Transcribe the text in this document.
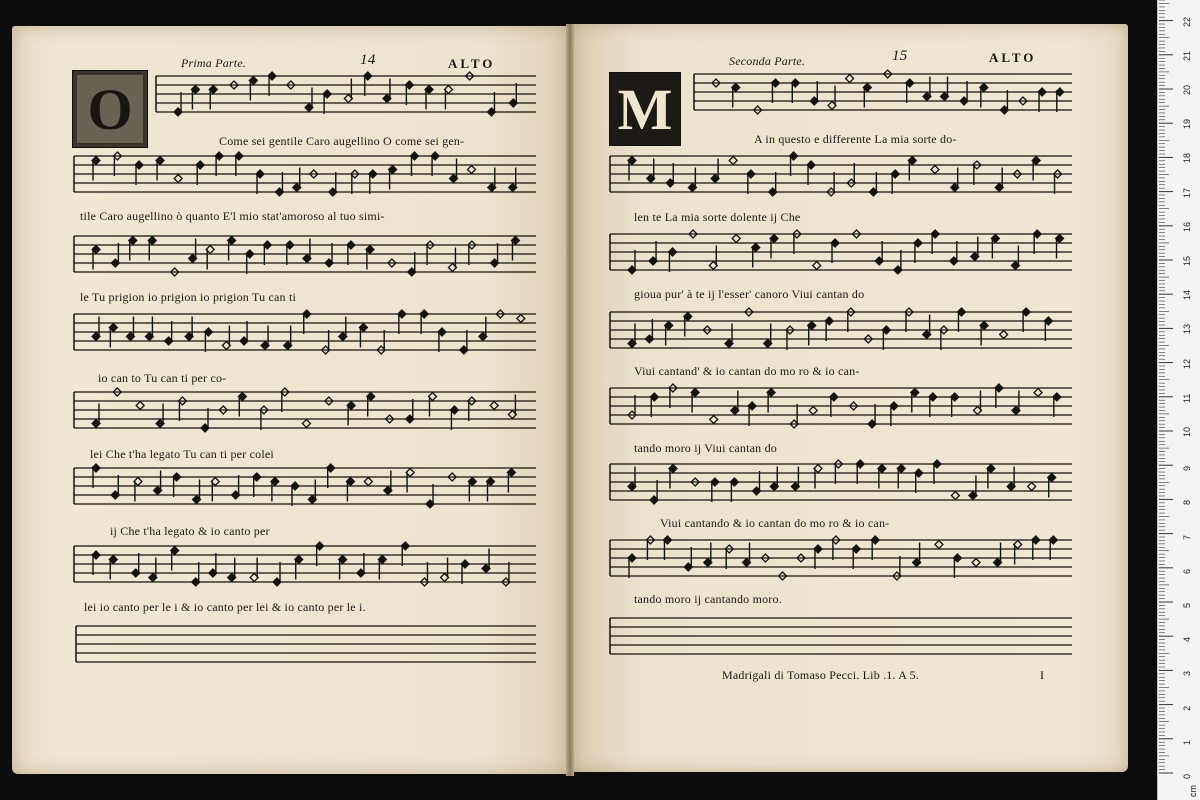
O	M
Prima Parte.	14	ALTO	Seconda Parte.	15	ALTO
Come sei gentile Caro augellino O come sei gen-
tile Caro augellino ò quanto E'l mio stat'amoroso al tuo simi-
le Tu prigion io prigion io prigion Tu can ti
io can to Tu can ti per co-
lei Che t'ha legato Tu can ti per colei
ij Che t'ha legato & io canto per
lei io canto per le i & io canto per lei & io canto per le i.
A in questo e differente La mia sorte do-
len te La mia sorte dolente ij Che
gioua pur' à te ij l'esser' canoro Viui cantan do
Viui cantand' & io cantan do mo ro & io can-
tando moro ij Viui cantan do
Viui cantando & io cantan do mo ro & io can-
tando moro ij cantando moro.
Madrigali di Tomaso Pecci. Lib .1. A 5.	I
22
21
20
19
18
17
16
15
14
13
12
11
10
9
8
7
6
5
4
3
2
1
0
cm
